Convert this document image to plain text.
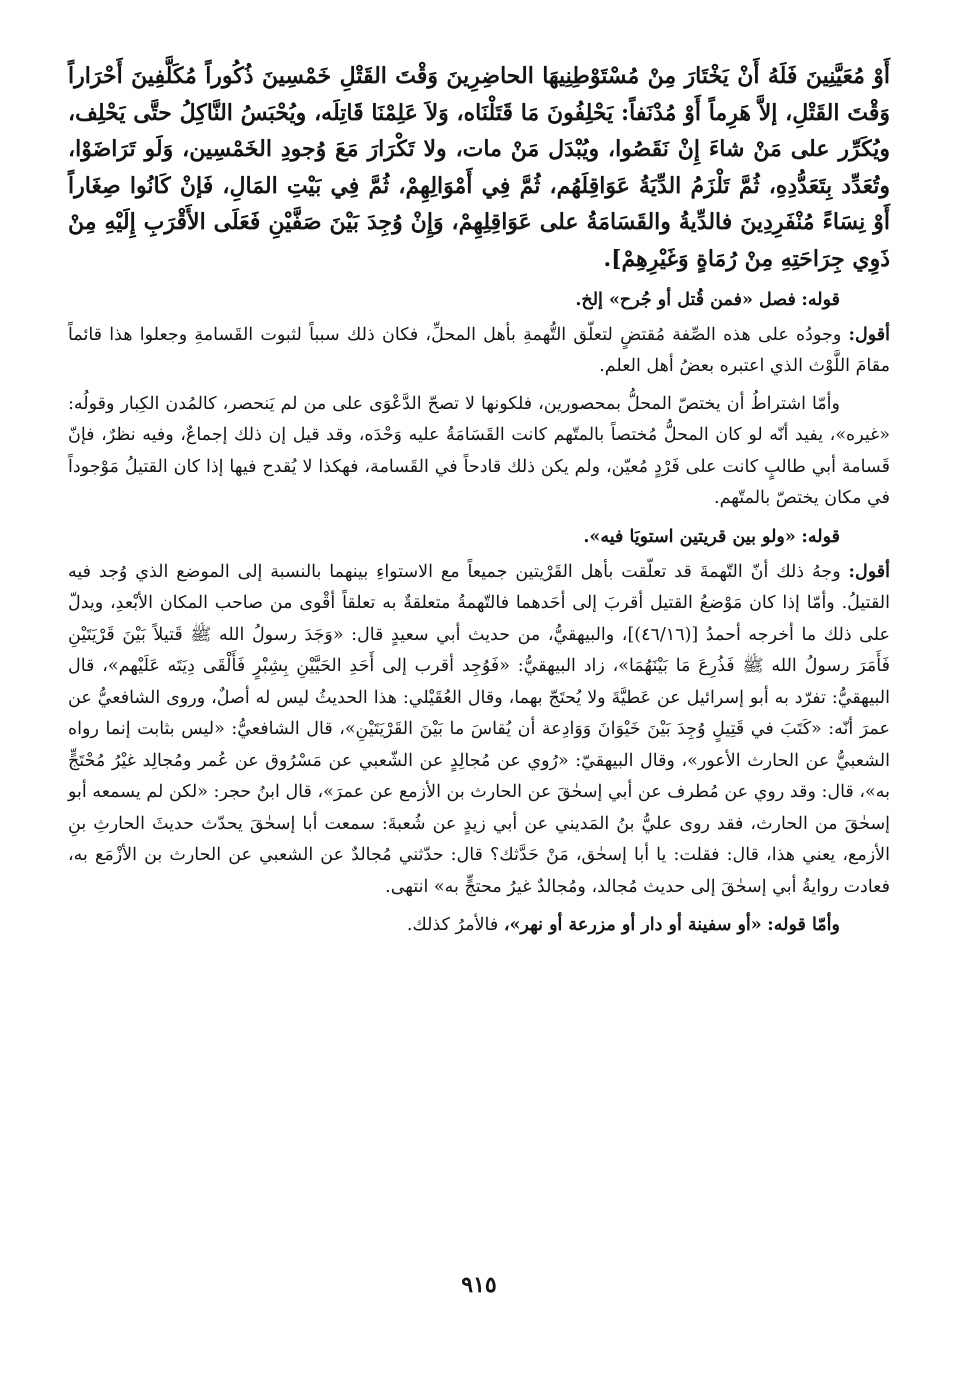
أَوْ مُعَيَّنِينَ فَلَهُ أَنْ يَخْتَارَ مِنْ مُسْتَوْطِنِيهَا الحاضِرِينَ وَقْتَ القَتْلِ خَمْسِينَ ذُكُوراً مُكَلَّفِينَ أَحْرَاراً وَقْتَ القَتْلِ، إلاَّ هَرِماً أَوْ مُدْنَفاً: يَحْلِفُونَ مَا قَتَلْنَاه، وَلاَ عَلِمْنَا قَاتِلَه، ويُحْبَسُ النَّاكِلُ حتَّى يَحْلِف، ويُكَرِّر على مَنْ شاءَ إِنْ نَقَصُوا، ويُبْدَل مَنْ مات، ولا تَكْرَارَ مَعَ وُجودِ الخَمْسِين، وَلَو تَرَاضَوْا، وتُعَدِّد بِتَعَدُّدِهِ، ثُمَّ تَلْزَمُ الدِّيَةُ عَوَاقِلَهُم، ثُمَّ فِي أَمْوَالِهِمْ، ثُمَّ فِي بَيْتِ المَالِ، فَإنْ كَانُوا صِغَاراً أَوْ نِسَاءً مُنْفَرِدِينَ فالدِّيةُ والقَسَامَةُ على عَوَاقِلِهِمْ، وَإِنْ وُجِدَ بَيْنَ صَفَّيْنِ فَعَلَى الأَقْرَبِ إِلَيْهِ مِنْ ذَوِي جِرَاحَتِهِ مِنْ رُمَاةٍ وَغَيْرِهِمْ].

قوله: فصل «فمن قُتل أو جُرح» إلخ.

أقول: وجودُه على هذه الصِّفة مُقتضٍ لتعلّق التُّهمةِ بأهل المحلِّ، فكان ذلك سبباً لثبوت القَسامةِ وجعلوا هذا قائماً مقامَ اللَّوْث الذي اعتبره بعضُ أهل العلم.

وأمّا اشتراطُ أن يختصّ المحلُّ بمحصورين، فلكونها لا تصحّ الدَّعْوَى على من لم يَنحصر، كالمُدن الكِبار وقولُه: «غيره»، يفيد أنّه لو كان المحلُّ مُختصاً بالمتّهم كانت القَسَامَةُ عليه وَحْدَه، وقد قيل إن ذلك إجماعٌ، وفيه نظرٌ، فإنّ قَسامة أبي طالبٍ كانت على فَرْدٍ مُعيّن، ولم يكن ذلك قادحاً في القَسامة، فهكذا لا يُقدح فيها إذا كان القتيلُ مَوْجوداً في مكان يختصّ بالمتّهم.

قوله: «ولو بين قريتين استويَا فيه».

أقول: وجهُ ذلك أنّ التّهمةَ قد تعلّقت بأهل القَرْيتين جميعاً مع الاستواءِ بينهما بالنسبة إلى الموضع الذي وُجد فيه القتيلُ. وأمّا إذا كان مَوْضعُ القتيل أقربَ إلى أحَدهما فالتّهمةُ متعلقةٌ به تعلقاً أقْوى من صاحب المكان الأبْعدِ، ويدلّ على ذلك ما أخرجه أحمدُ [(٤٦/١٦)]، والبيهقيُّ، من حديث أبي سعيدٍ قال: «وَجَدَ رسولُ الله ﷺ قَتيلاً بَيْنَ قَرْيَتَيْنِ فَأَمَرَ رسولُ الله ﷺ فَذُرِعَ مَا بَيْنَهُمَا»، زاد البيهقيُّ: «فَوُجِد أقرب إلى أَحَدِ الحَيَّيْنِ بِشِبْرٍ فَأَلْقَى دِيَتَه عَلَيْهم»، قال البيهقيُّ: تفرّد به أبو إسرائيل عن عَطيَّةَ ولا يُحتَجّ بهما، وقال العُقَيْلي: هذا الحديثُ ليس له أصلٌ، وروى الشافعيُّ عن عمرَ أنّه: «كَتَبَ في قَتِيلٍ وُجِدَ بَيْنَ خَيْوَانَ وَوَادِعة أن يُقاسَ ما بَيْنَ القَرْيَتَيْنِ»، قال الشافعيُّ: «ليس بثابت إنما رواه الشعبيُّ عن الحارث الأعور»، وقال البيهقيّ: «رُوي عن مُجالِدٍ عن الشّعبي عن مَسْرُوق عن عُمر ومُجالِد غيْرُ مُحْتَجٍّ به»، قال: وقد روي عن مُطرف عن أبي إسحٰقَ عن الحارث بن الأزمع عن عمرَ»، قال ابنُ حجر: «لكن لم يسمعه أبو إسحٰقَ من الحارث، فقد روى عليُّ بنُ المَديني عن أبي زيدٍ عن شُعبةَ: سمعت أبا إسحٰقَ يحدّث حديثَ الحارثِ بنِ الأزمع، يعني هذا، قال: فقلت: يا أبا إسحٰق، مَنْ حَدَّثك؟ قال: حدّثني مُجالدٌ عن الشعبي عن الحارث بن الأزْمَع به، فعادت روايةُ أبي إسحٰقَ إلى حديث مُجالد، ومُجالدٌ غيرُ محتجٍّ به» انتهى.

وأمّا قوله: «أو سفينة أو دار أو مزرعة أو نهر»، فالأمرُ كذلك.

٩١٥
